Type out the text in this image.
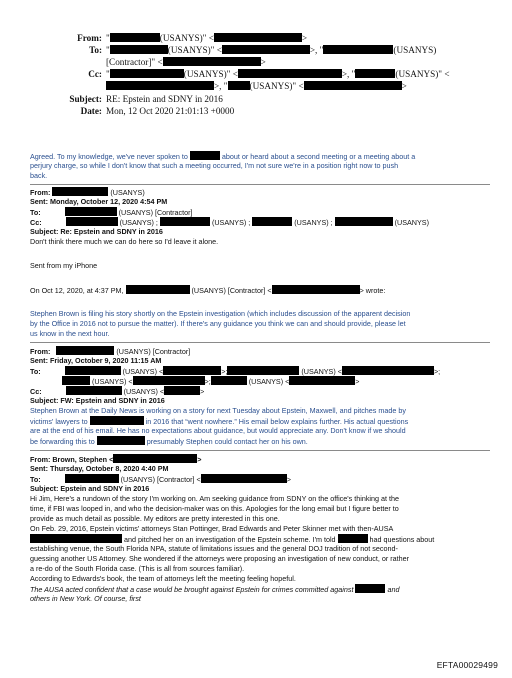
From: "	(USANYS)" <	>
To: "	(USANYS)" <	>, "	(USANYS)
[Contractor]" <	>
Cc: "	(USANYS)" <	>, "	(USANYS)" <
>, " (USANYS)" <	>
Subject: RE: Epstein and SDNY in 2016
Date: Mon, 12 Oct 2020 21:01:13 +0000
Agreed. To my knowledge, we've never spoken to	about or heard about a second meeting or a meeting about a
perjury charge, so while I don't know that such a meeting occurred, I'm not sure we're in a position right now to push
back.
From:	(USANYS)
Sent: Monday, October 12, 2020 4:54 PM
To:	(USANYS) [Contractor]
Cc:	(USANYS) ;	(USANYS) ;	(USANYS) ;	(USANYS)
Subject: Re: Epstein and SDNY in 2016
Don't think there much we can do here so I'd leave it alone.
Sent from my iPhone
On Oct 12, 2020, at 4:37 PM,	(USANYS) [Contractor] <	> wrote:
Stephen Brown is filing his story shortly on the Epstein investigation (which includes discussion of the apparent decision
by the Office in 2016 not to pursue the matter). If there's any guidance you think we can and should provide, please let
us know in the next hour.
From:	(USANYS) [Contractor]
Sent: Friday, October 9, 2020 11:15 AM
To:	(USANYS) <	>;	(USANYS) <	>;
(USANYS) <	>;	(USANYS) <	>
Cc:	(USANYS) <	>
Subject: FW: Epstein and SDNY in 2016
Stephen Brown at the Daily News is working on a story for next Tuesday about Epstein, Maxwell, and pitches made by
victims' lawyers to	in 2016 that “went nowhere.” His email below explains further. His actual questions
are at the end of his email. He has no expectations about guidance, but would appreciate any. Don't know if we should
be forwarding this to	presumably Stephen could contact her on his own.
From: Brown, Stephen <	>
Sent: Thursday, October 8, 2020 4:40 PM
To:	(USANYS) [Contractor] <	>
Subject: Epstein and SDNY in 2016
Hi Jim, Here's a rundown of the story I'm working on. Am seeking guidance from SDNY on the office's thinking at the
time, if FBI was looped in, and who the decision-maker was on this. Apologies for the long email but I figure better to
provide as much detail as possible. My editors are pretty interested in this one.
On Feb. 29, 2016, Epstein victims' attorneys Stan Pottinger, Brad Edwards and Peter Skinner met with then-AUSA
and pitched her on an investigation of the Epstein scheme. I'm told	had questions about
establishing venue, the South Florida NPA, statute of limitations issues and the general DOJ tradition of not second-
guessing another US Attorney. She wondered if the attorneys were proposing an investigation of new conduct, or rather
a re-do of the South Florida case. (This is all from sources familiar).
According to Edwards's book, the team of attorneys left the meeting feeling hopeful.
The AUSA acted confident that a case would be brought against Epstein for crimes committed against	and
others in New York. Of course, first
EFTA00029499
